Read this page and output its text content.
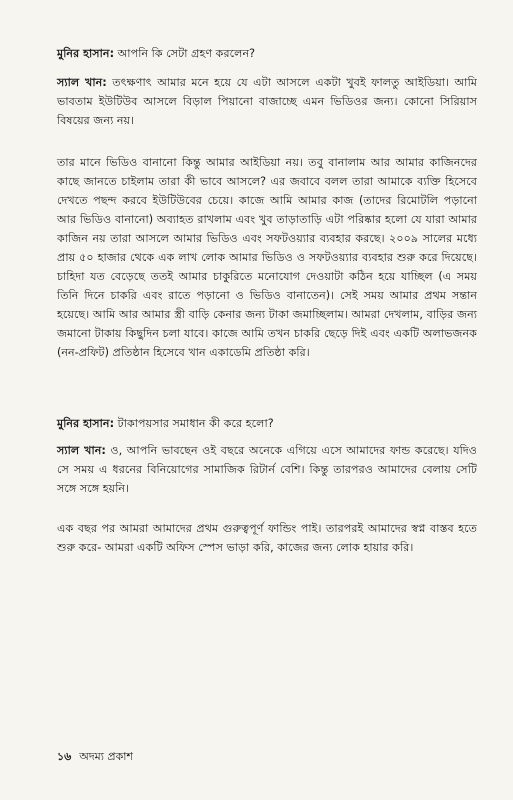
মুনির হাসান: আপনি কি সেটা গ্রহণ করলেন?

স্যাল খান: তৎক্ষণাৎ আমার মনে হয়ে যে এটা আসলে একটা খুবই ফালতু আইডিয়া। আমি ভাবতাম ইউটিউব আসলে বিড়াল পিয়ানো বাজাচ্ছে এমন ভিডিওর জন্য। কোনো সিরিয়াস বিষয়ের জন্য নয়।

তার মানে ভিডিও বানানো কিন্তু আমার আইডিয়া নয়। তবু বানালাম আর আমার কাজিনদের কাছে জানতে চাইলাম তারা কী ভাবে আসলে? এর জবাবে বলল তারা আমাকে ব্যক্তি হিসেবে দেখতে পছন্দ করবে ইউটিউবের চেয়ে। কাজে আমি আমার কাজ (তাদের রিমোটলি পড়ানো আর ভিডিও বানানো) অব্যাহত রাখলাম এবং খুব তাড়াতাড়ি এটা পরিষ্কার হলো যে যারা আমার কাজিন নয় তারা আসলে আমার ভিডিও এবং সফটওয়্যার ব্যবহার করছে। ২০০৯ সালের মধ্যে প্রায় ৫০ হাজার থেকে এক লাখ লোক আমার ভিডিও ও সফটওয়্যার ব্যবহার শুরু করে দিয়েছে। চাহিদা যত বেড়েছে ততই আমার চাকুরিতে মনোযোগ দেওয়াটা কঠিন হয়ে যাচ্ছিল (এ সময় তিনি দিনে চাকরি এবং রাতে পড়ানো ও ভিডিও বানাতেন)। সেই সময় আমার প্রথম সন্তান হয়েছে। আমি আর আমার স্ত্রী বাড়ি কেনার জন্য টাকা জমাচ্ছিলাম। আমরা দেখলাম, বাড়ির জন্য জমানো টাকায় কিছুদিন চলা যাবে। কাজে আমি তখন চাকরি ছেড়ে দিই এবং একটি অলাভজনক (নন-প্রফিট) প্রতিষ্ঠান হিসেবে খান একাডেমি প্রতিষ্ঠা করি।

মুনির হাসান: টাকাপয়সার সমাধান কী করে হলো?

স্যাল খান: ও, আপনি ভাবছেন ওই বছরে অনেকে এগিয়ে এসে আমাদের ফান্ড করেছে। যদিও সে সময় এ ধরনের বিনিয়োগের সামাজিক রিটার্ন বেশি। কিন্তু তারপরও আমাদের বেলায় সেটি সঙ্গে সঙ্গে হয়নি।

এক বছর পর আমরা আমাদের প্রথম গুরুত্বপূর্ণ ফান্ডিং পাই। তারপরই আমাদের স্বপ্ন বাস্তব হতে শুরু করে- আমরা একটি অফিস স্পেস ভাড়া করি, কাজের জন্য লোক হায়ার করি।

১৬ অদম্য প্রকাশ
